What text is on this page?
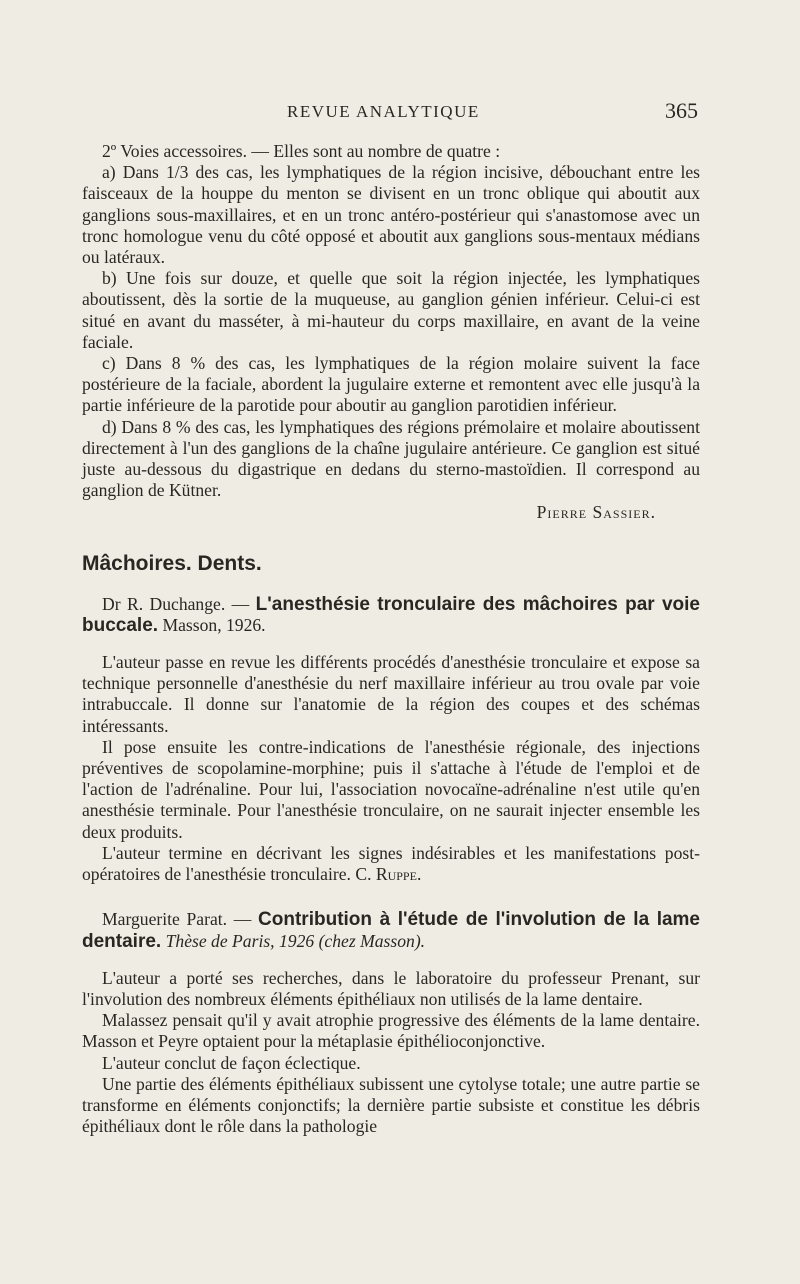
REVUE ANALYTIQUE	365

2º Voies accessoires. — Elles sont au nombre de quatre :

a) Dans 1/3 des cas, les lymphatiques de la région incisive, débouchant entre les faisceaux de la houppe du menton se divisent en un tronc oblique qui aboutit aux ganglions sous-maxillaires, et en un tronc antéro-postérieur qui s'anastomose avec un tronc homologue venu du côté opposé et aboutit aux ganglions sous-mentaux médians ou latéraux.

b) Une fois sur douze, et quelle que soit la région injectée, les lymphatiques aboutissent, dès la sortie de la muqueuse, au ganglion génien inférieur. Celui-ci est situé en avant du masséter, à mi-hauteur du corps maxillaire, en avant de la veine faciale.

c) Dans 8 % des cas, les lymphatiques de la région molaire suivent la face postérieure de la faciale, abordent la jugulaire externe et remontent avec elle jusqu'à la partie inférieure de la parotide pour aboutir au ganglion parotidien inférieur.

d) Dans 8 % des cas, les lymphatiques des régions prémolaire et molaire aboutissent directement à l'un des ganglions de la chaîne jugulaire antérieure. Ce ganglion est situé juste au-dessous du digastrique en dedans du sterno-mastoïdien. Il correspond au ganglion de Kütner.

Pierre Sassier.
Mâchoires. Dents.
Dr R. Duchange. — L'anesthésie tronculaire des mâchoires par voie buccale. Masson, 1926.

L'auteur passe en revue les différents procédés d'anesthésie tronculaire et expose sa technique personnelle d'anesthésie du nerf maxillaire inférieur au trou ovale par voie intrabuccale. Il donne sur l'anatomie de la région des coupes et des schémas intéressants.

Il pose ensuite les contre-indications de l'anesthésie régionale, des injections préventives de scopolamine-morphine; puis il s'attache à l'étude de l'emploi et de l'action de l'adrénaline. Pour lui, l'association novocaïne-adrénaline n'est utile qu'en anesthésie terminale. Pour l'anesthésie tronculaire, on ne saurait injecter ensemble les deux produits.

L'auteur termine en décrivant les signes indésirables et les manifestations post-opératoires de l'anesthésie tronculaire. C. Ruppe.

Marguerite Parat. — Contribution à l'étude de l'involution de la lame dentaire. Thèse de Paris, 1926 (chez Masson).

L'auteur a porté ses recherches, dans le laboratoire du professeur Prenant, sur l'involution des nombreux éléments épithéliaux non utilisés de la lame dentaire.

Malassez pensait qu'il y avait atrophie progressive des éléments de la lame dentaire. Masson et Peyre optaient pour la métaplasie épithélioconjonctive.

L'auteur conclut de façon éclectique.

Une partie des éléments épithéliaux subissent une cytolyse totale; une autre partie se transforme en éléments conjonctifs; la dernière partie subsiste et constitue les débris épithéliaux dont le rôle dans la pathologie
